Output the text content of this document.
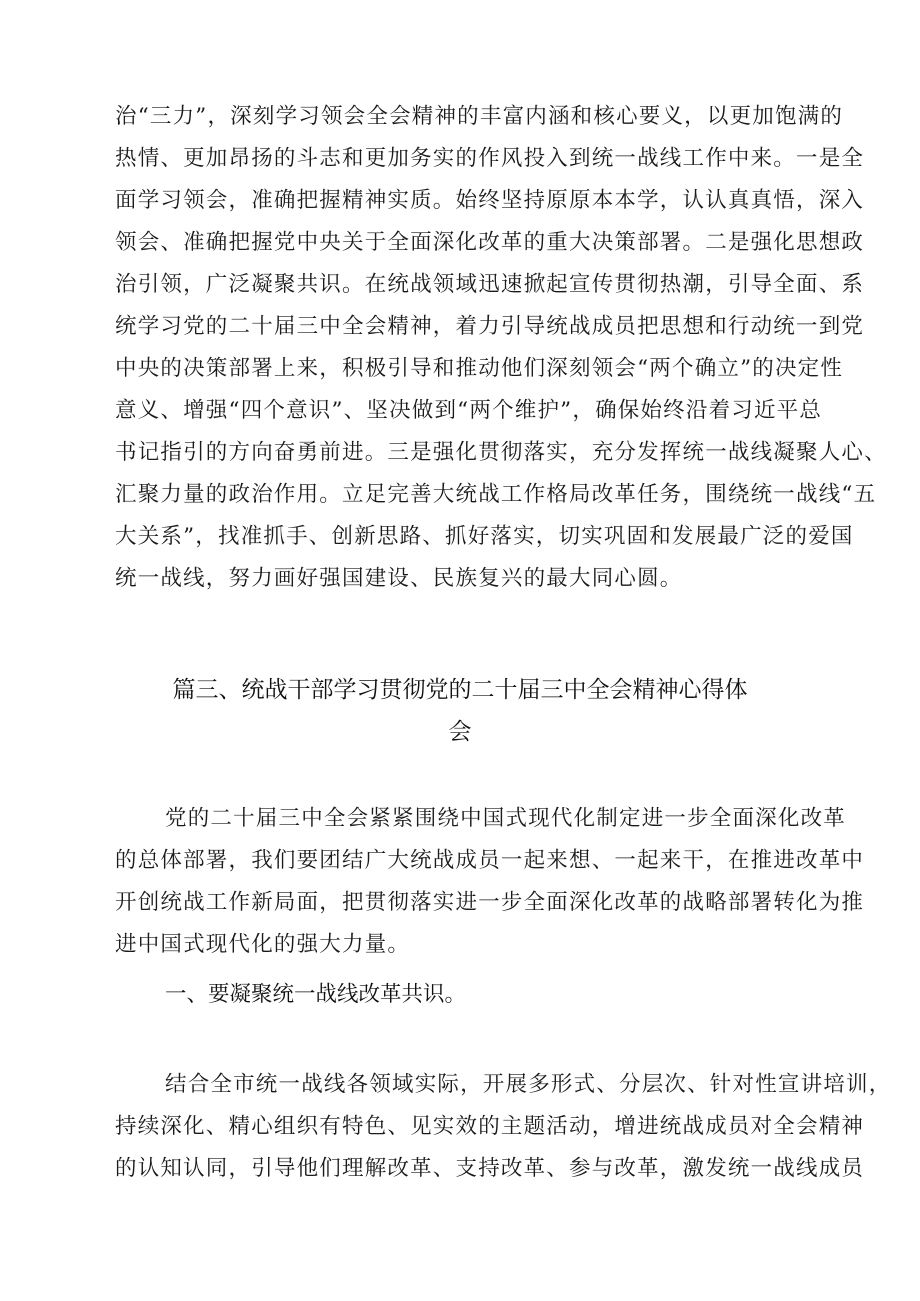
治“三力”，深刻学习领会全会精神的丰富内涵和核心要义，以更加饱满的
热情、更加昂扬的斗志和更加务实的作风投入到统一战线工作中来。一是全
面学习领会，准确把握精神实质。始终坚持原原本本学，认认真真悟，深入
领会、准确把握党中央关于全面深化改革的重大决策部署。二是强化思想政
治引领，广泛凝聚共识。在统战领域迅速掀起宣传贯彻热潮，引导全面、系
统学习党的二十届三中全会精神，着力引导统战成员把思想和行动统一到党
中央的决策部署上来，积极引导和推动他们深刻领会“两个确立”的决定性
意义、增强“四个意识”、坚决做到“两个维护”，确保始终沿着习近平总
书记指引的方向奋勇前进。三是强化贯彻落实，充分发挥统一战线凝聚人心、
汇聚力量的政治作用。立足完善大统战工作格局改革任务，围绕统一战线“五
大关系”，找准抓手、创新思路、抓好落实，切实巩固和发展最广泛的爱国
统一战线，努力画好强国建设、民族复兴的最大同心圆。
篇三、统战干部学习贯彻党的二十届三中全会精神心得体
会
党的二十届三中全会紧紧围绕中国式现代化制定进一步全面深化改革
的总体部署，我们要团结广大统战成员一起来想、一起来干，在推进改革中
开创统战工作新局面，把贯彻落实进一步全面深化改革的战略部署转化为推
进中国式现代化的强大力量。
一、要凝聚统一战线改革共识。
结合全市统一战线各领域实际，开展多形式、分层次、针对性宣讲培训，
持续深化、精心组织有特色、见实效的主题活动，增进统战成员对全会精神
的认知认同，引导他们理解改革、支持改革、参与改革，激发统一战线成员
